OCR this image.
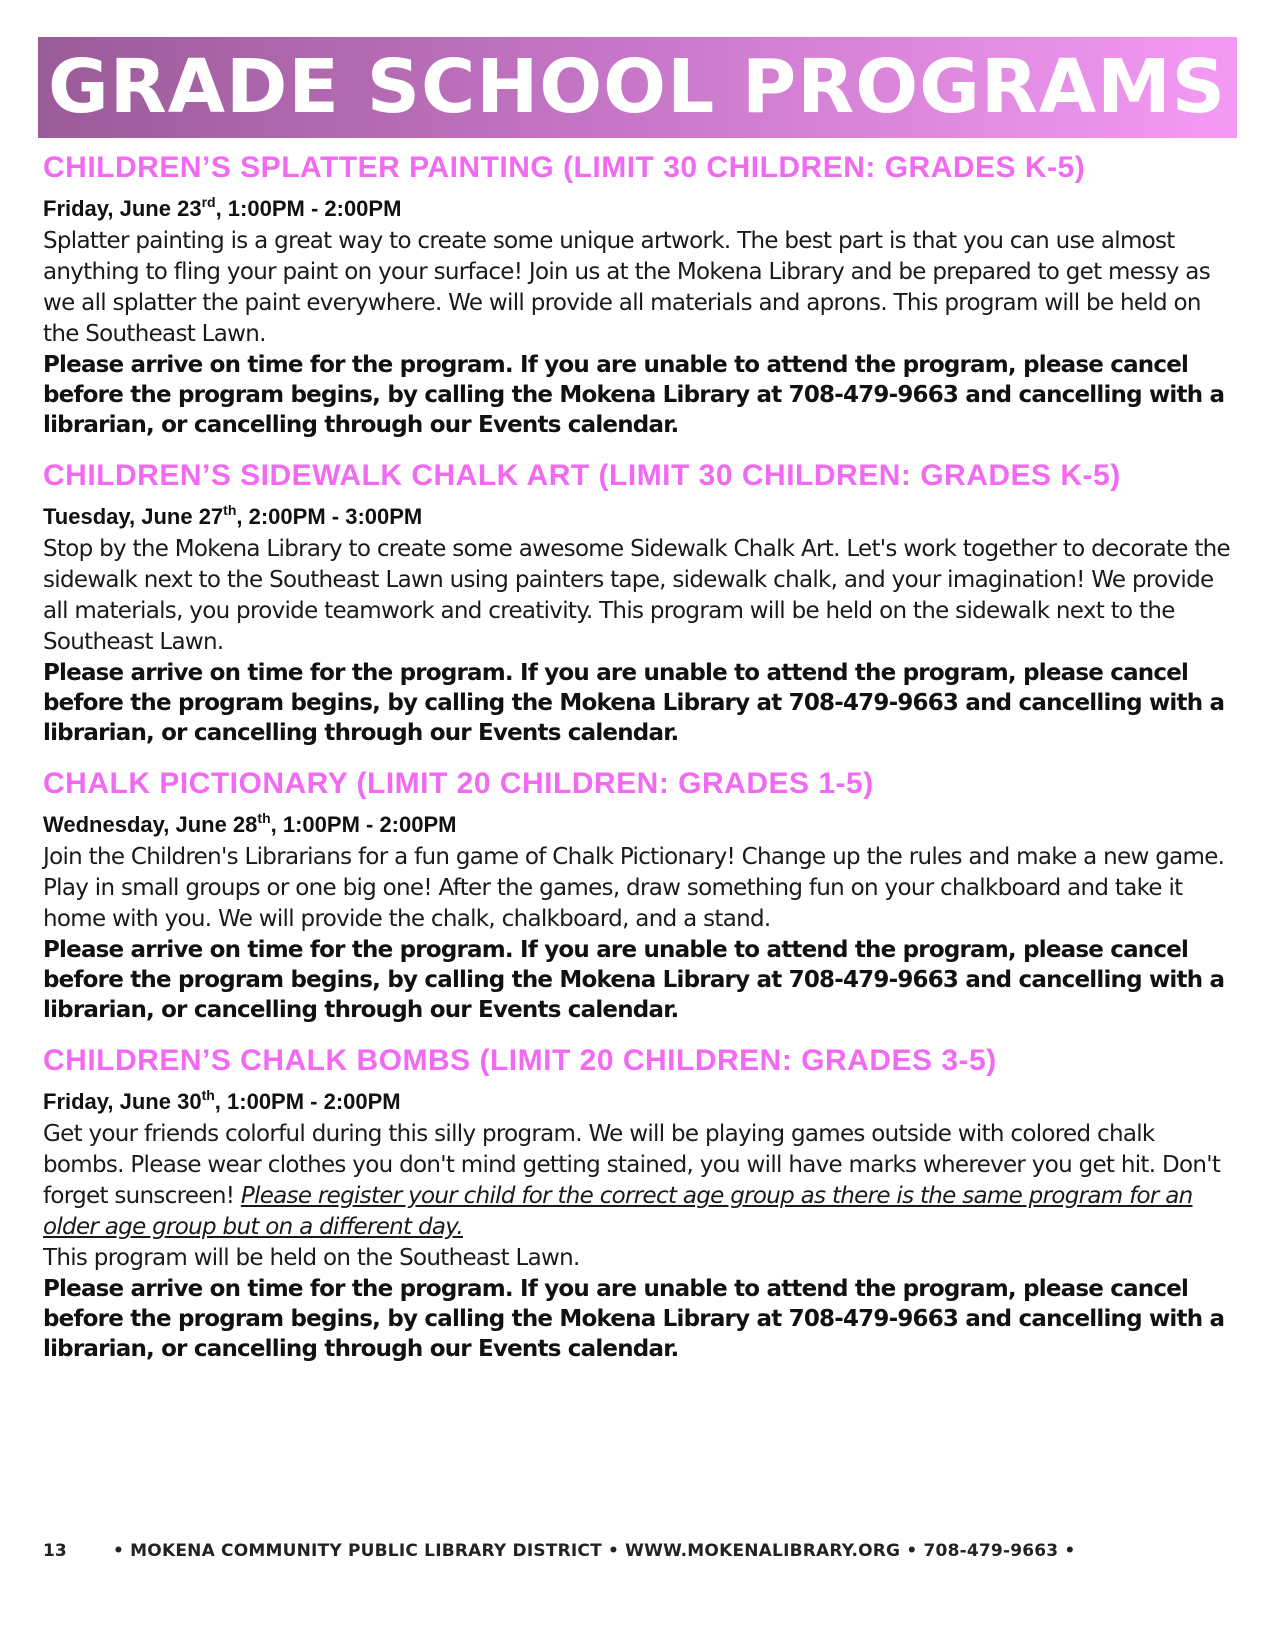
GRADE SCHOOL PROGRAMS
CHILDREN’S SPLATTER PAINTING (LIMIT 30 CHILDREN: GRADES K-5)

Friday, June 23rd, 1:00PM - 2:00PM

Splatter painting is a great way to create some unique artwork. The best part is that you can use almost anything to fling your paint on your surface! Join us at the Mokena Library and be prepared to get messy as we all splatter the paint everywhere. We will provide all materials and aprons. This program will be held on the Southeast Lawn.

Please arrive on time for the program. If you are unable to attend the program, please cancel before the program begins, by calling the Mokena Library at 708-479-9663 and cancelling with a librarian, or cancelling through our Events calendar.

CHILDREN’S SIDEWALK CHALK ART (LIMIT 30 CHILDREN: GRADES K-5)

Tuesday, June 27th, 2:00PM - 3:00PM

Stop by the Mokena Library to create some awesome Sidewalk Chalk Art. Let's work together to decorate the sidewalk next to the Southeast Lawn using painters tape, sidewalk chalk, and your imagination! We provide all materials, you provide teamwork and creativity. This program will be held on the sidewalk next to the Southeast Lawn.

Please arrive on time for the program. If you are unable to attend the program, please cancel before the program begins, by calling the Mokena Library at 708-479-9663 and cancelling with a librarian, or cancelling through our Events calendar.

CHALK PICTIONARY (LIMIT 20 CHILDREN: GRADES 1-5)

Wednesday, June 28th, 1:00PM - 2:00PM

Join the Children's Librarians for a fun game of Chalk Pictionary! Change up the rules and make a new game. Play in small groups or one big one! After the games, draw something fun on your chalkboard and take it home with you. We will provide the chalk, chalkboard, and a stand.

Please arrive on time for the program. If you are unable to attend the program, please cancel before the program begins, by calling the Mokena Library at 708-479-9663 and cancelling with a librarian, or cancelling through our Events calendar.

CHILDREN’S CHALK BOMBS (LIMIT 20 CHILDREN: GRADES 3-5)

Friday, June 30th, 1:00PM - 2:00PM

Get your friends colorful during this silly program. We will be playing games outside with colored chalk bombs. Please wear clothes you don't mind getting stained, you will have marks wherever you get hit. Don't forget sunscreen! Please register your child for the correct age group as there is the same program for an older age group but on a different day.
This program will be held on the Southeast Lawn.

Please arrive on time for the program. If you are unable to attend the program, please cancel before the program begins, by calling the Mokena Library at 708-479-9663 and cancelling with a librarian, or cancelling through our Events calendar.

13	• MOKENA COMMUNITY PUBLIC LIBRARY DISTRICT • WWW.MOKENALIBRARY.ORG • 708-479-9663 •
